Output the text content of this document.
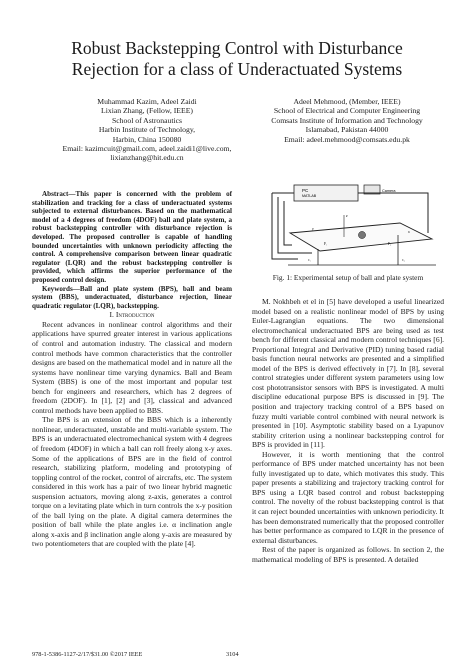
Robust Backstepping Control with Disturbance
Rejection for a class of Underactuated Systems
Muhammad Kazim, Adeel Zaidi
Lixian Zhang, (Fellow, IEEE)
School of Astronautics
Harbin Institute of Technology,
Harbin, China 150080
Email: kazimcuit@gmail.com, adeel.zaidi1@live.com,
lixianzhang@hit.edu.cn
Adeel Mehmood, (Member, IEEE)
School of Electrical and Computer Engineering
Comsats Institute of Information and Technology
Islamabad, Pakistan 44000
Email: adeel.mehmood@comsats.edu.pk

Abstract—This paper is concerned with the problem of stabilization and tracking for a class of underactuated systems subjected to external disturbances. Based on the mathematical model of a 4 degrees of freedom (4DOF) ball and plate system, a robust backstepping controller with disturbance rejection is developed. The proposed controller is capable of handling bounded uncertainties with unknown periodicity affecting the control. A comprehensive comparison between linear quadratic regulator (LQR) and the robust backstepping controller is provided, which affirms the superior performance of the proposed control design.

Keywords—Ball and plate system (BPS), ball and beam system (BBS), underactuated, disturbance rejection, linear quadratic regulator (LQR), backstepping.

I. Introduction

Recent advances in nonlinear control algorithms and their applications have spurred greater interest in various applications of control and automation industry. The classical and modern control methods have common characteristics that the controller designs are based on the mathematical model and in nature all the systems have nonlinear time varying dynamics. Ball and Beam System (BBS) is one of the most important and popular test bench for engineers and researchers, which has 2 degrees of freedom (2DOF). In [1], [2] and [3], classical and advanced control methods have been applied to BBS.

The BPS is an extension of the BBS which is a inherently nonlinear, underactuated, unstable and multi-variable system. The BPS is an underactuated electromechanical system with 4 degrees of freedom (4DOF) in which a ball can roll freely along x-y axes. Some of the applications of BPS are in the field of control research, stabilizing platform, modeling and prototyping of toppling control of the rocket, control of aircrafts, etc. The system considered in this work has a pair of two linear hybrid magnetic suspension actuators, moving along z-axis, generates a control torque on a levitating plate which in turn controls the x-y position of the ball lying on the plate. A digital camera determines the position of ball while the plate angles i.e. α inclination angle along x-axis and β inclination angle along y-axis are measured by two potentiometers that are coupled with the plate [4].

PC
MATLAB
Camera
z
x
y
F₁	F₂
c₁	c₂
Fig. 1: Experimental setup of ball and plate system

M. Nokhbeh et el in [5] have developed a useful linearized model based on a realistic nonlinear model of BPS by using Euler-Lagrangian equations. The two dimensional electromechanical underactuated BPS are being used as test bench for different classical and modern control techniques [6]. Proportional Integral and Derivative (PID) tuning based radial basis function neural networks are presented and a simplified model of the BPS is derived effectively in [7]. In [8], several control strategies under different system parameters using low cost phototransistor sensors with BPS is investigated. A multi discipline educational purpose BPS is discussed in [9]. The position and trajectory tracking control of a BPS based on fuzzy multi variable control combined with neural network is presented in [10]. Asymptotic stability based on a Lyapunov stability criterion using a nonlinear backstepping control for BPS is provided in [11].

However, it is worth mentioning that the control performance of BPS under matched uncertainty has not been fully investigated up to date, which motivates this study. This paper presents a stabilizing and trajectory tracking control for BPS using a LQR based control and robust backstepping control. The novelty of the robust backstepping control is that it can reject bounded uncertainties with unknown periodicity. It has been demonstrated numerically that the proposed controller has better performance as compared to LQR in the presence of external disturbances.

Rest of the paper is organized as follows. In section 2, the mathematical modeling of BPS is presented. A detailed

978-1-5386-1127-2/17/$31.00 ©2017 IEEE	3104
